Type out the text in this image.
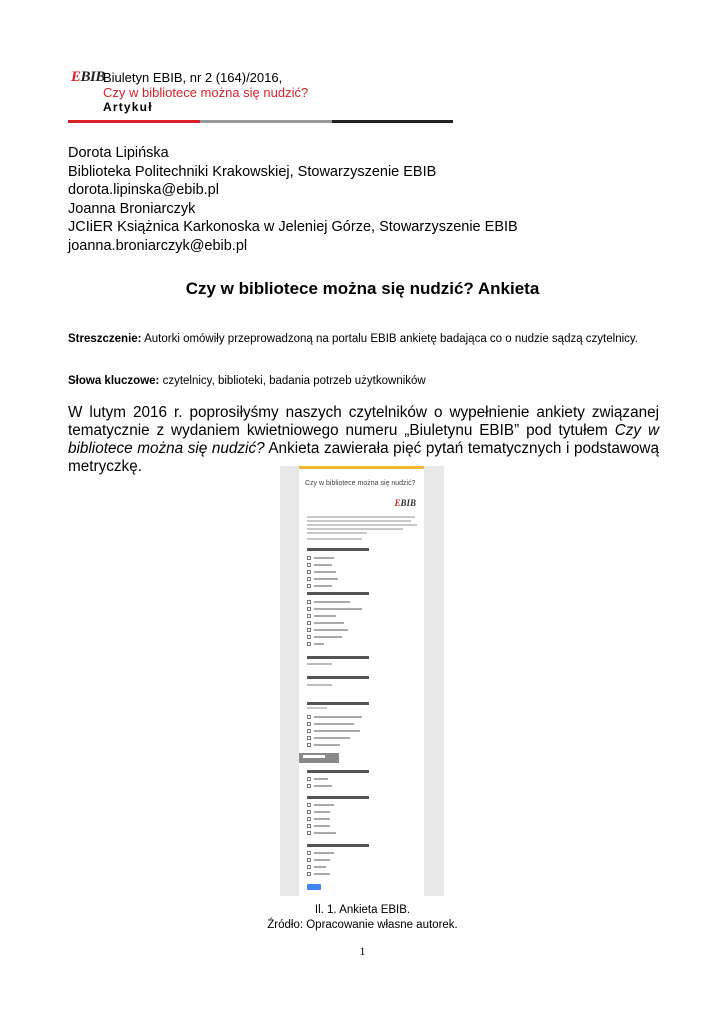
EBIB
Biuletyn EBIB, nr 2 (164)/2016,
Czy w bibliotece można się nudzić?
Artykuł
Dorota Lipińska
Biblioteka Politechniki Krakowskiej, Stowarzyszenie EBIB
dorota.lipinska@ebib.pl
Joanna Broniarczyk
JCIiER Książnica Karkonoska w Jeleniej Górze, Stowarzyszenie EBIB
joanna.broniarczyk@ebib.pl
Czy w bibliotece można się nudzić? Ankieta
Streszczenie: Autorki omówiły przeprowadzoną na portalu EBIB ankietę badająca co o nudzie sądzą czytelnicy.
Słowa kluczowe: czytelnicy, biblioteki, badania potrzeb użytkowników
W lutym 2016 r. poprosiłyśmy naszych czytelników o wypełnienie ankiety związanej tematycznie z wydaniem kwietniowego numeru „Biuletynu EBIB” pod tytułem Czy w bibliotece można się nudzić? Ankieta zawierała pięć pytań tematycznych i podstawową metryczkę.
Czy w bibliotece można się nudzić?
EBIB
Il. 1. Ankieta EBIB.
Źródło: Opracowanie własne autorek.
1
